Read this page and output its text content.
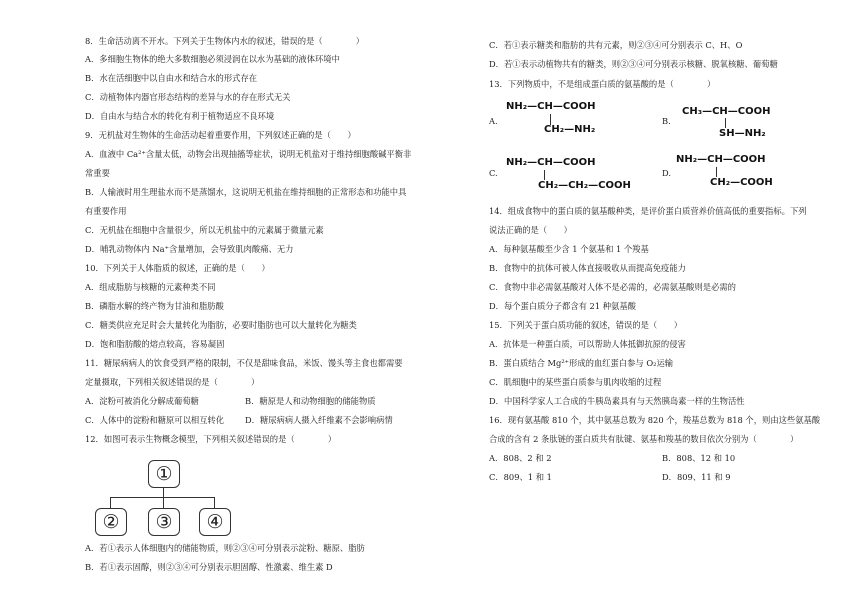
8．生命活动离不开水。下列关于生物体内水的叙述，错误的是（　　　　）
A．多细胞生物体的绝大多数细胞必须浸润在以水为基础的液体环境中
B．水在活细胞中以自由水和结合水的形式存在
C．动植物体内器官形态结构的差异与水的存在形式无关
D．自由水与结合水的转化有利于植物适应不良环境
9．无机盐对生物体的生命活动起着重要作用，下列叙述正确的是（　　）
A．血液中 Ca²⁺含量太低，动物会出现抽搐等症状，说明无机盐对于维持细胞酸碱平衡非
常重要
B．人输液时用生理盐水而不是蒸馏水，这说明无机盐在维持细胞的正常形态和功能中具
有重要作用
C．无机盐在细胞中含量很少，所以无机盐中的元素属于微量元素
D．哺乳动物体内 Na⁺含量增加，会导致肌肉酸痛、无力
10．下列关于人体脂质的叙述，正确的是（　　）
A．组成脂肪与核糖的元素种类不同
B．磷脂水解的终产物为甘油和脂肪酸
C．糖类供应充足时会大量转化为脂肪，必要时脂肪也可以大量转化为糖类
D．饱和脂肪酸的熔点较高，容易凝固
11．糖尿病病人的饮食受到严格的限制，不仅是甜味食品，米饭、馒头等主食也都需要
定量摄取，下列相关叙述错误的是（　　　　）
A．淀粉可被消化分解成葡萄糖	B．糖原是人和动物细胞的储能物质
C．人体中的淀粉和糖原可以相互转化	D．糖尿病病人摄入纤维素不会影响病情
12．如图可表示生物概念模型，下列相关叙述错误的是（　　　　）
①
②	③	④
A．若①表示人体细胞内的储能物质，则②③④可分别表示淀粉、糖原、脂肪
B．若①表示固醇，则②③④可分别表示胆固醇、性激素、维生素 D
C．若①表示糖类和脂肪的共有元素，则②③④可分别表示 C、H、O
D．若①表示动植物共有的糖类，则②③④可分别表示核糖、脱氧核糖、葡萄糖
13．下列物质中，不是组成蛋白质的氨基酸的是（　　　　）
A.
NH₂—CH—COOH
CH₂—NH₂
B.
CH₃—CH—COOH
SH—NH₂
C.
NH₂—CH—COOH
CH₂—CH₂—COOH
D.
NH₂—CH—COOH
CH₂—COOH
14．组成食物中的蛋白质的氨基酸种类，是评价蛋白质营养价值高低的重要指标。下列
说法正确的是（　　）
A．每种氨基酸至少含 1 个氨基和 1 个羧基
B．食物中的抗体可被人体直接吸收从而提高免疫能力
C．食物中非必需氨基酸对人体不是必需的，必需氨基酸则是必需的
D．每个蛋白质分子都含有 21 种氨基酸
15．下列关于蛋白质功能的叙述，错误的是（　　）
A．抗体是一种蛋白质，可以帮助人体抵御抗原的侵害
B．蛋白质结合 Mg²⁺形成的血红蛋白参与 O₂运输
C．肌细胞中的某些蛋白质参与肌肉收缩的过程
D．中国科学家人工合成的牛胰岛素具有与天然胰岛素一样的生物活性
16．现有氨基酸 810 个，其中氨基总数为 820 个，羧基总数为 818 个，则由这些氨基酸
合成的含有 2 条肽链的蛋白质共有肽键、氨基和羧基的数目依次分别为（　　　　）
A．808、2 和 2	B．808、12 和 10
C．809、1 和 1	D．809、11 和 9
